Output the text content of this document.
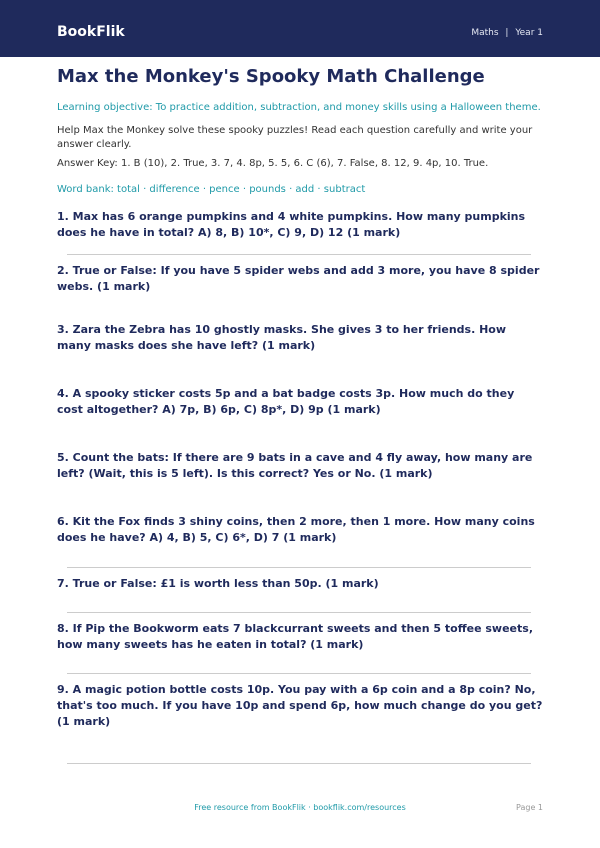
BookFlik	Maths | Year 1
Max the Monkey's Spooky Math Challenge

Learning objective: To practice addition, subtraction, and money skills using a Halloween theme.

Help Max the Monkey solve these spooky puzzles! Read each question carefully and write your answer clearly.

Answer Key: 1. B (10), 2. True, 3. 7, 4. 8p, 5. 5, 6. C (6), 7. False, 8. 12, 9. 4p, 10. True.

Word bank: total · difference · pence · pounds · add · subtract

1. Max has 6 orange pumpkins and 4 white pumpkins. How many pumpkins does he have in total? A) 8, B) 10*, C) 9, D) 12 (1 mark)
2. True or False: If you have 5 spider webs and add 3 more, you have 8 spider webs. (1 mark)
3. Zara the Zebra has 10 ghostly masks. She gives 3 to her friends. How many masks does she have left? (1 mark)
4. A spooky sticker costs 5p and a bat badge costs 3p. How much do they cost altogether? A) 7p, B) 6p, C) 8p*, D) 9p (1 mark)
5. Count the bats: If there are 9 bats in a cave and 4 fly away, how many are left? (Wait, this is 5 left). Is this correct? Yes or No. (1 mark)
6. Kit the Fox finds 3 shiny coins, then 2 more, then 1 more. How many coins does he have? A) 4, B) 5, C) 6*, D) 7 (1 mark)
7. True or False: £1 is worth less than 50p. (1 mark)
8. If Pip the Bookworm eats 7 blackcurrant sweets and then 5 toffee sweets, how many sweets has he eaten in total? (1 mark)
9. A magic potion bottle costs 10p. You pay with a 6p coin and a 8p coin? No, that's too much. If you have 10p and spend 6p, how much change do you get? (1 mark)
Free resource from BookFlik · bookflik.com/resources	Page 1
